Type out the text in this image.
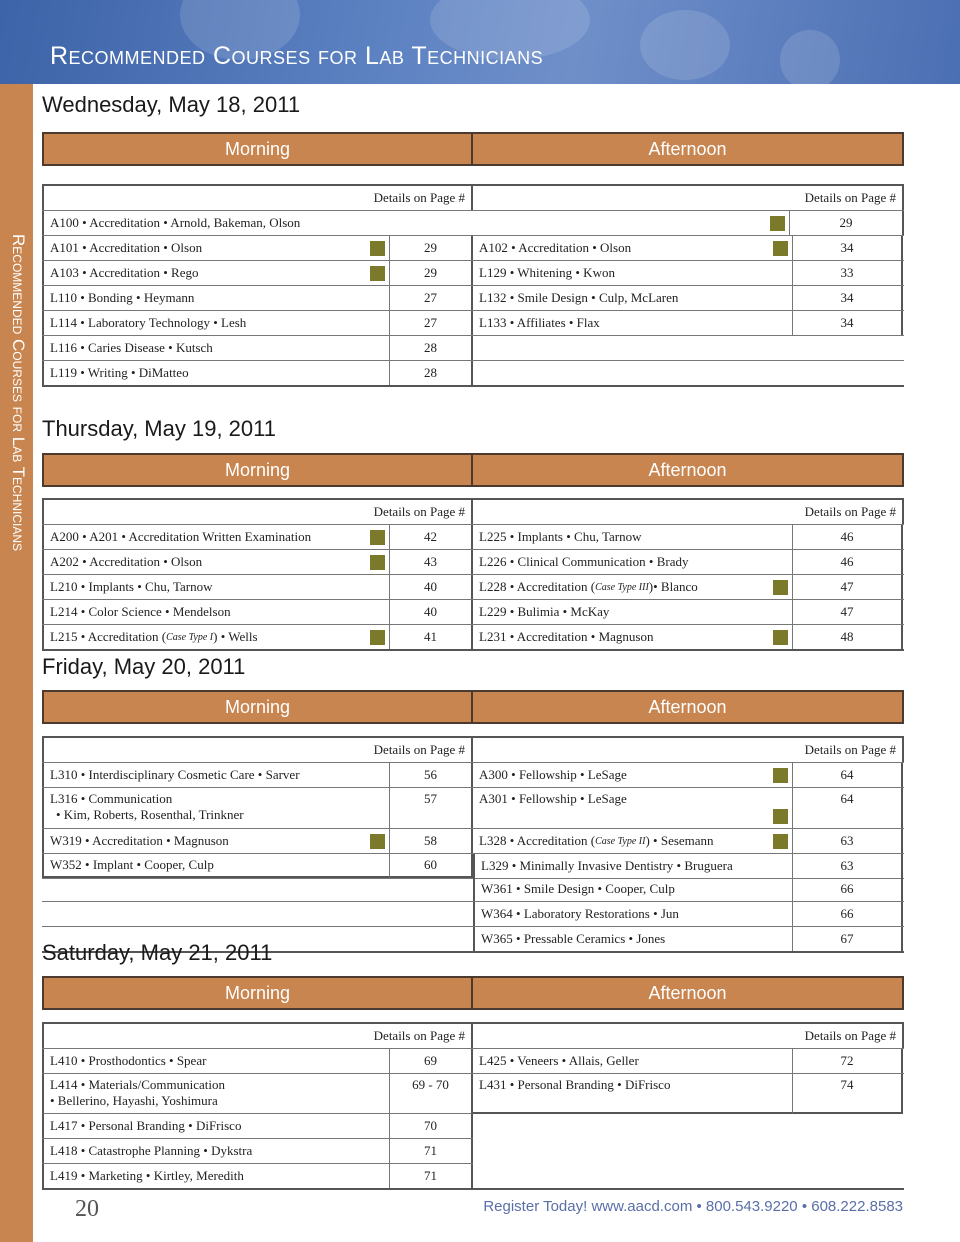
Recommended Courses for Lab Technicians
Recommended Courses for Lab Technicians
Wednesday, May 18, 2011
Morning	Afternoon
Details on Page #	Details on Page #
A100 • Accreditation • Arnold, Bakeman, Olson	29
A101 • Accreditation • Olson	29	A102 • Accreditation • Olson	34
A103 • Accreditation • Rego	29	L129 • Whitening • Kwon	33
L110 • Bonding • Heymann	27	L132 • Smile Design • Culp, McLaren	34
L114 • Laboratory Technology • Lesh	27	L133 • Affiliates • Flax	34
L116 • Caries Disease • Kutsch	28
L119 • Writing • DiMatteo	28
Thursday, May 19, 2011
Morning	Afternoon
Details on Page #	Details on Page #
A200 • A201 • Accreditation Written Examination	42	L225 • Implants • Chu, Tarnow	46
A202 • Accreditation • Olson	43	L226 • Clinical Communication • Brady	46
L210 • Implants • Chu, Tarnow	40	L228 • Accreditation ( Case Type III )• Blanco	47
L214 • Color Science • Mendelson	40	L229 • Bulimia • McKay	47
L215 • Accreditation ( Case Type I ) • Wells	41	L231 • Accreditation • Magnuson	48
Friday, May 20, 2011
Morning	Afternoon
Details on Page #	Details on Page #
L310 • Interdisciplinary Cosmetic Care • Sarver	56	A300 • Fellowship • LeSage	64
L316 • Communication
• Kim, Roberts, Rosenthal, Trinkner
57	A301 • Fellowship • LeSage	64
W319 • Accreditation • Magnuson	58	L328 • Accreditation ( Case Type II ) • Sesemann	63
W352 • Implant • Cooper, Culp	60	L329 • Minimally Invasive Dentistry • Bruguera	63
W361 • Smile Design • Cooper, Culp	66
W364 • Laboratory Restorations • Jun	66
W365 • Pressable Ceramics • Jones	67
Saturday, May 21, 2011
Morning	Afternoon
Details on Page #	Details on Page #
L410 • Prosthodontics • Spear	69	L425 • Veneers • Allais, Geller	72
L414 • Materials/Communication
• Bellerino, Hayashi, Yoshimura
69 - 70	L431 • Personal Branding • DiFrisco	74
L417 • Personal Branding • DiFrisco	70
L418 • Catastrophe Planning • Dykstra	71
L419 • Marketing • Kirtley, Meredith	71
20	Register Today! www.aacd.com • 800.543.9220 • 608.222.8583
